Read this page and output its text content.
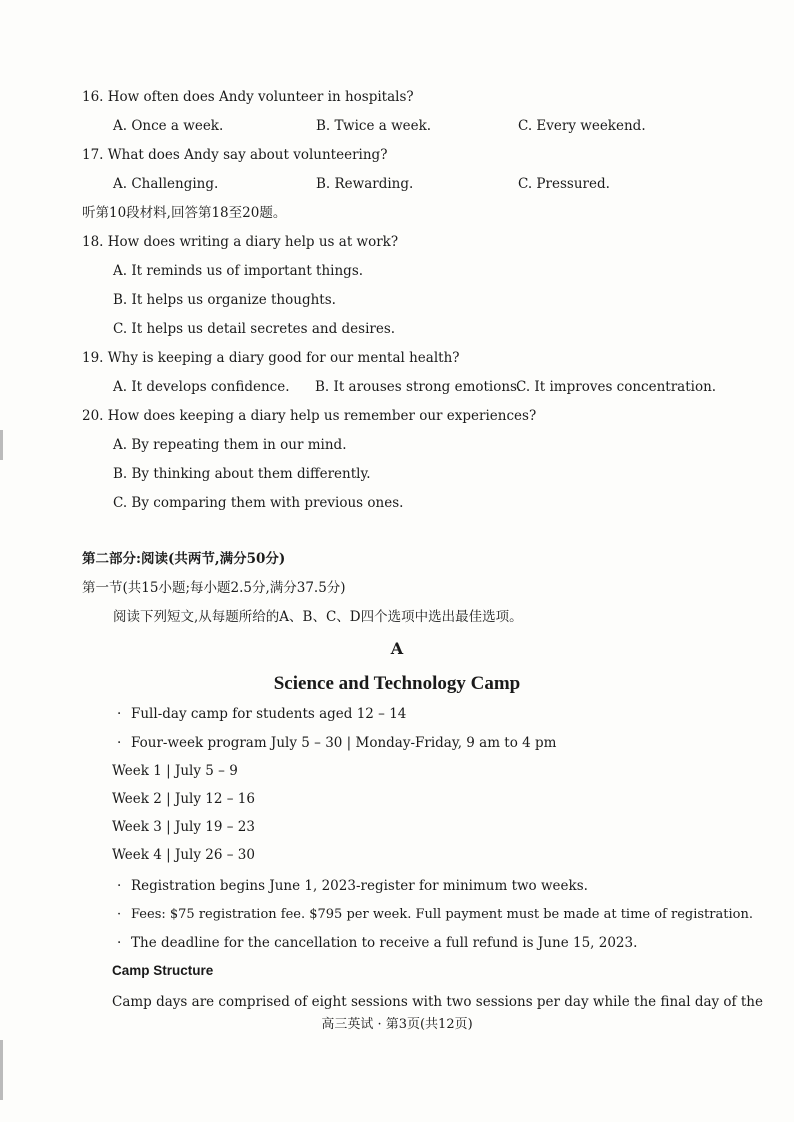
16. How often does Andy volunteer in hospitals?
A. Once a week.	B. Twice a week.	C. Every weekend.
17. What does Andy say about volunteering?
A. Challenging.	B. Rewarding.	C. Pressured.
听第10段材料,回答第18至20题。
18. How does writing a diary help us at work?
A. It reminds us of important things.
B. It helps us organize thoughts.
C. It helps us detail secretes and desires.
19. Why is keeping a diary good for our mental health?
A. It develops confidence. B. It arouses strong emotions.
C. It improves concentration.
20. How does keeping a diary help us remember our experiences?
A. By repeating them in our mind.
B. By thinking about them differently.
C. By comparing them with previous ones.
第二部分:阅读(共两节,满分50分)
第一节(共15小题;每小题2.5分,满分37.5分)
阅读下列短文,从每题所给的A、B、C、D四个选项中选出最佳选项。
A
Science and Technology Camp
· Full-day camp for students aged 12 – 14
· Four-week program July 5 – 30 | Monday-Friday, 9 am to 4 pm
Week 1 | July 5 – 9
Week 2 | July 12 – 16
Week 3 | July 19 – 23
Week 4 | July 26 – 30
· Registration begins June 1, 2023-register for minimum two weeks.
· Fees: $75 registration fee. $795 per week. Full payment must be made at time of registration.
· The deadline for the cancellation to receive a full refund is June 15, 2023.
Camp Structure
Camp days are comprised of eight sessions with two sessions per day while the final day of the
高三英试 · 第3页(共12页)
